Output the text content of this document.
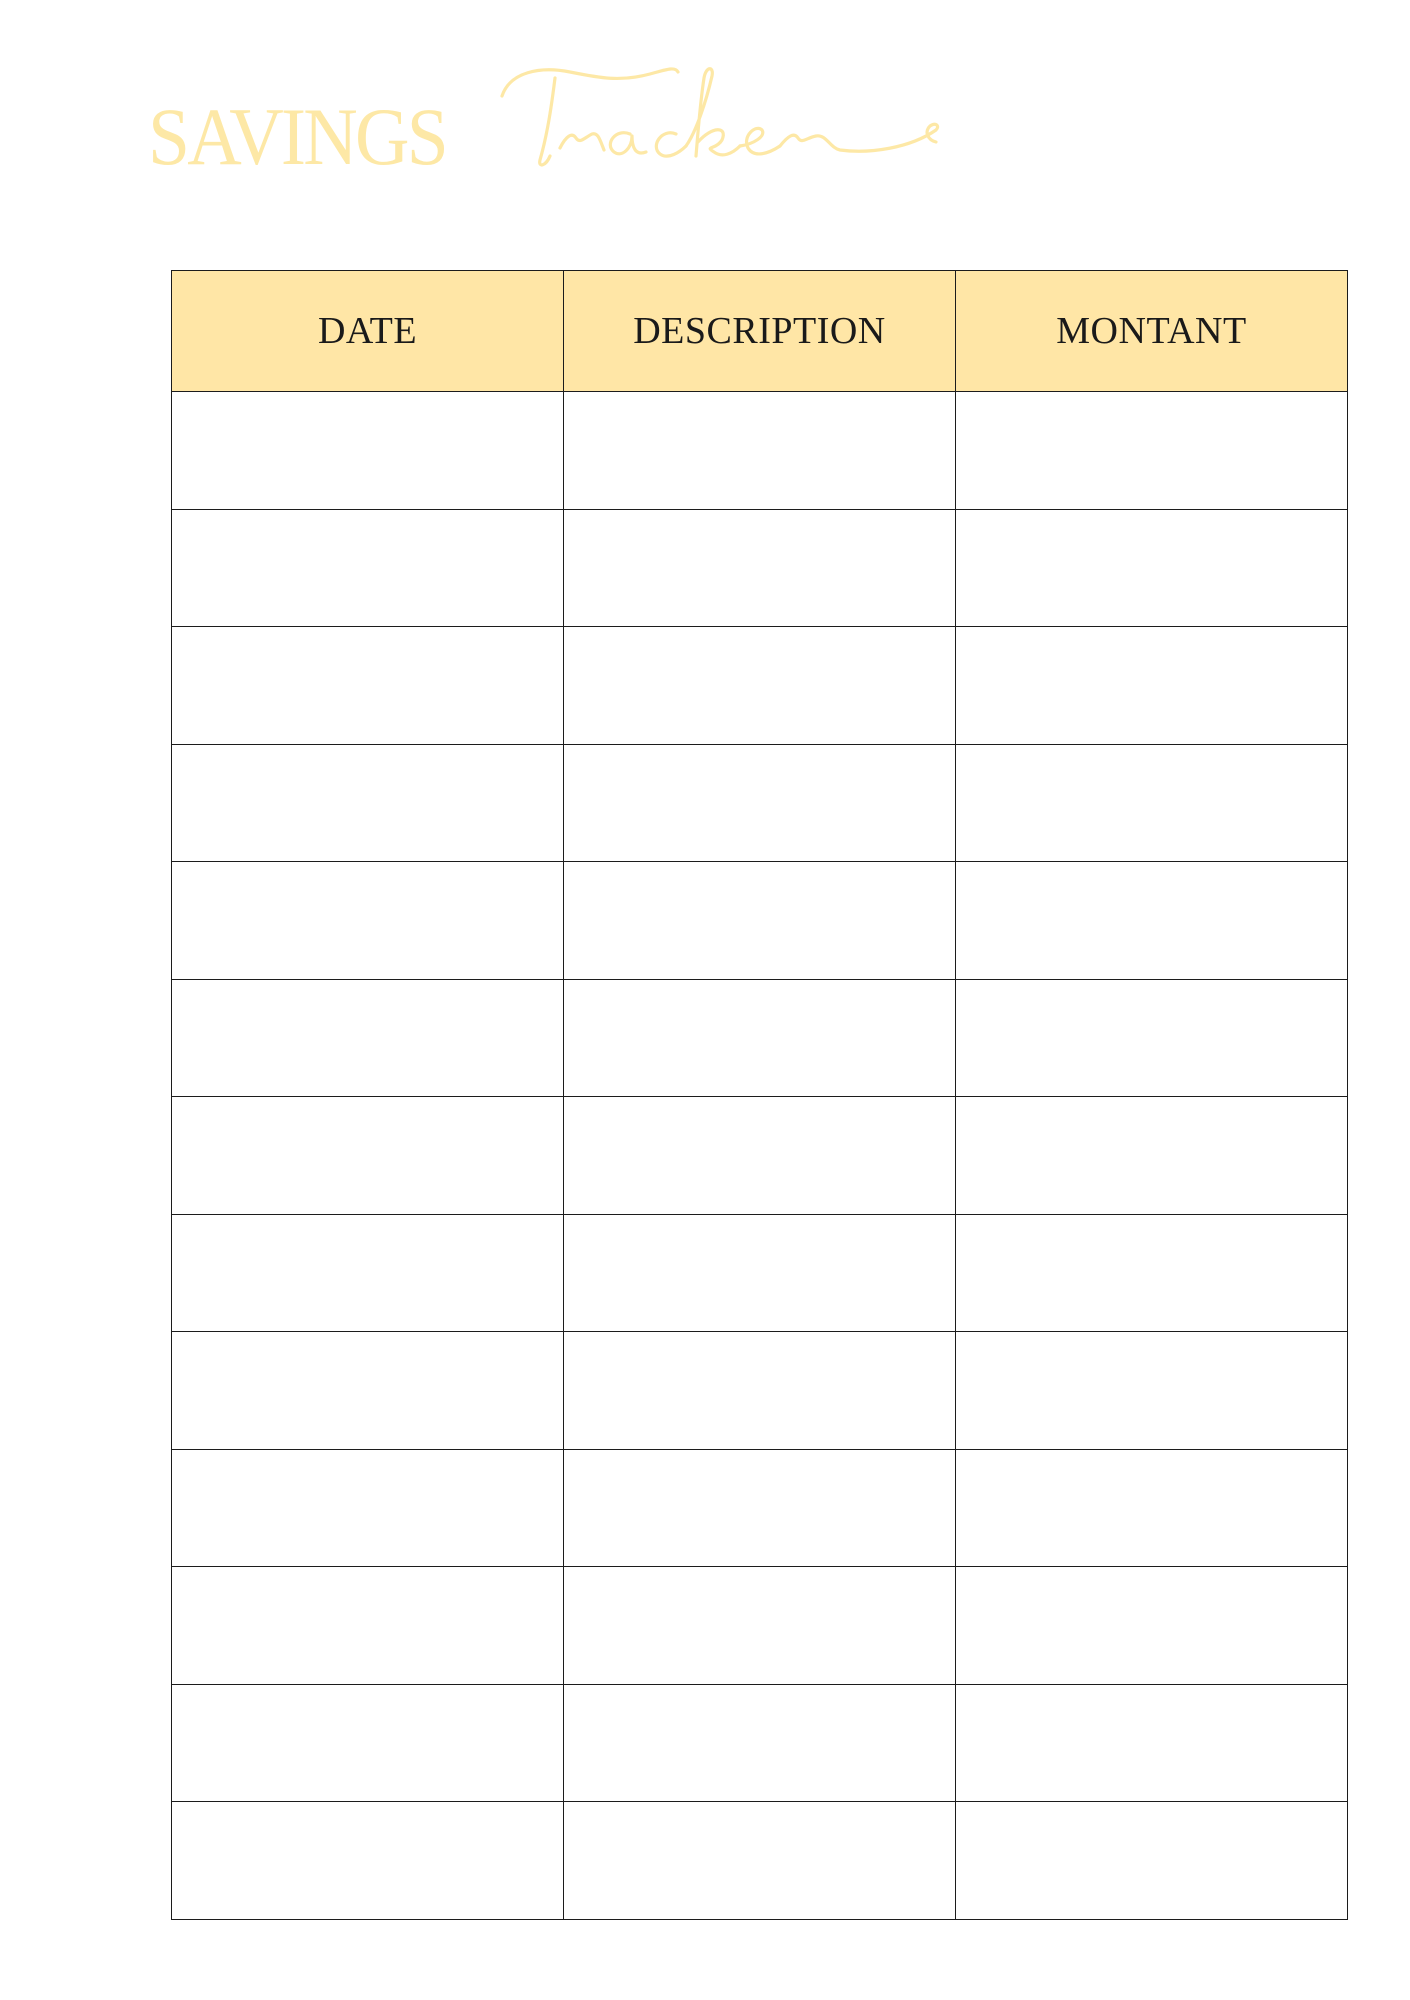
SAVINGS
DATE	DESCRIPTION	MONTANT
